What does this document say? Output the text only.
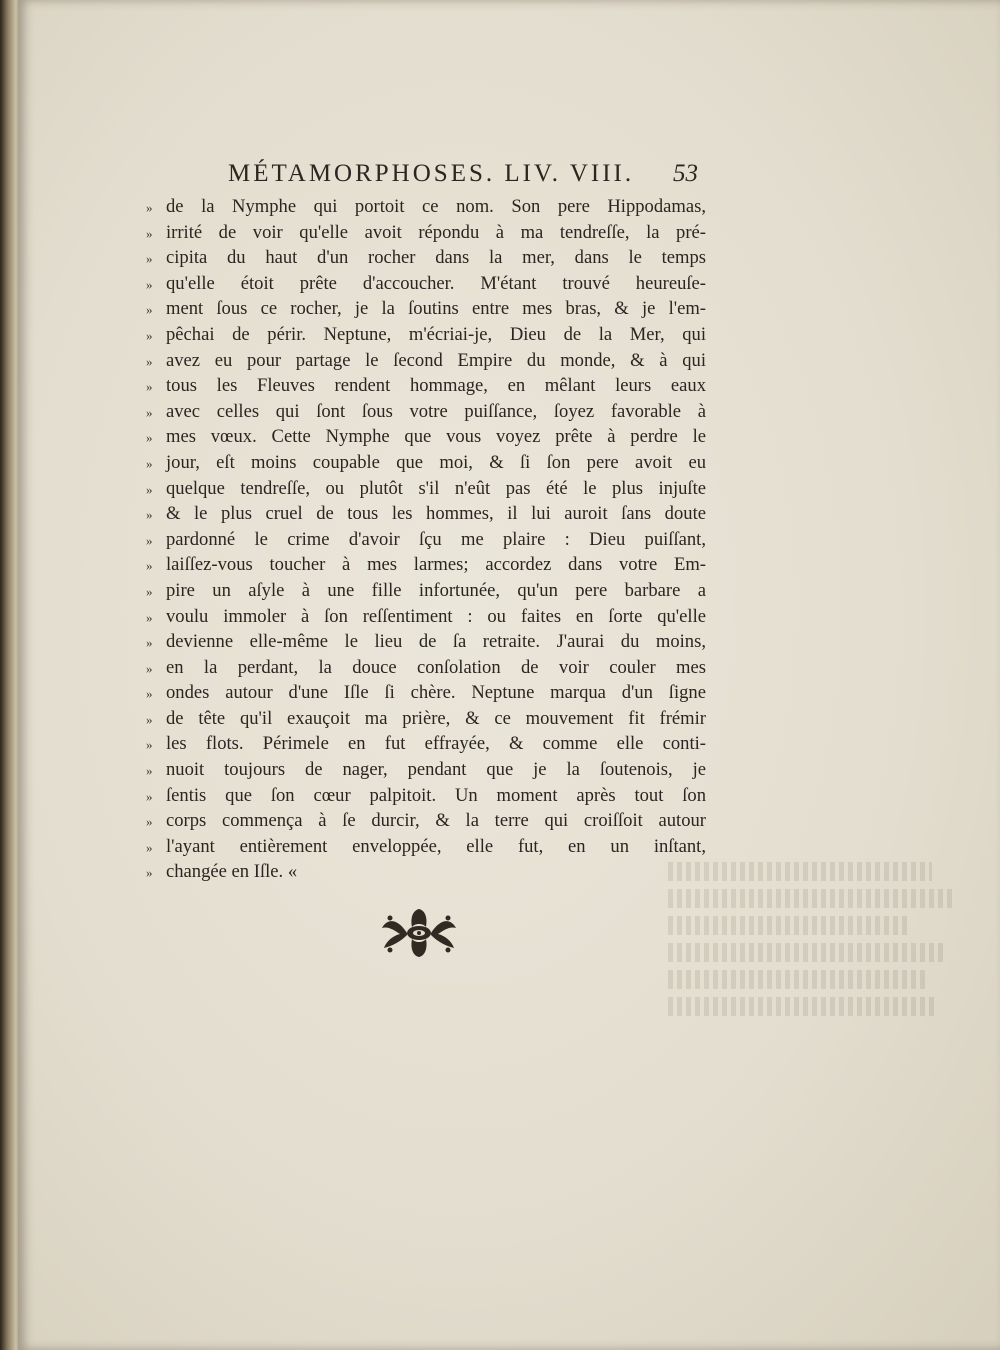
MÉTAMORPHOSES. LIV. VIII. 53
» de la Nymphe qui portoit ce nom. Son pere Hippodamas,
» irrité de voir qu'elle avoit répondu à ma tendreſſe, la pré-
» cipita du haut d'un rocher dans la mer, dans le temps
» qu'elle étoit prête d'accoucher. M'étant trouvé heureuſe-
» ment ſous ce rocher, je la ſoutins entre mes bras, & je l'em-
» pêchai de périr. Neptune, m'écriai-je, Dieu de la Mer, qui
» avez eu pour partage le ſecond Empire du monde, & à qui
» tous les Fleuves rendent hommage, en mêlant leurs eaux
» avec celles qui ſont ſous votre puiſſance, ſoyez favorable à
» mes vœux. Cette Nymphe que vous voyez prête à perdre le
» jour, eſt moins coupable que moi, & ſi ſon pere avoit eu
» quelque tendreſſe, ou plutôt s'il n'eût pas été le plus injuſte
» & le plus cruel de tous les hommes, il lui auroit ſans doute
» pardonné le crime d'avoir ſçu me plaire : Dieu puiſſant,
» laiſſez-vous toucher à mes larmes; accordez dans votre Em-
» pire un aſyle à une fille infortunée, qu'un pere barbare a
» voulu immoler à ſon reſſentiment : ou faites en ſorte qu'elle
» devienne elle-même le lieu de ſa retraite. J'aurai du moins,
» en la perdant, la douce conſolation de voir couler mes
» ondes autour d'une Iſle ſi chère. Neptune marqua d'un ſigne
» de tête qu'il exauçoit ma prière, & ce mouvement fit frémir
» les flots. Périmele en fut effrayée, & comme elle conti-
» nuoit toujours de nager, pendant que je la ſoutenois, je
» ſentis que ſon cœur palpitoit. Un moment après tout ſon
» corps commença à ſe durcir, & la terre qui croiſſoit autour
» l'ayant entièrement enveloppée, elle fut, en un inſtant,
» changée en Iſle. «
